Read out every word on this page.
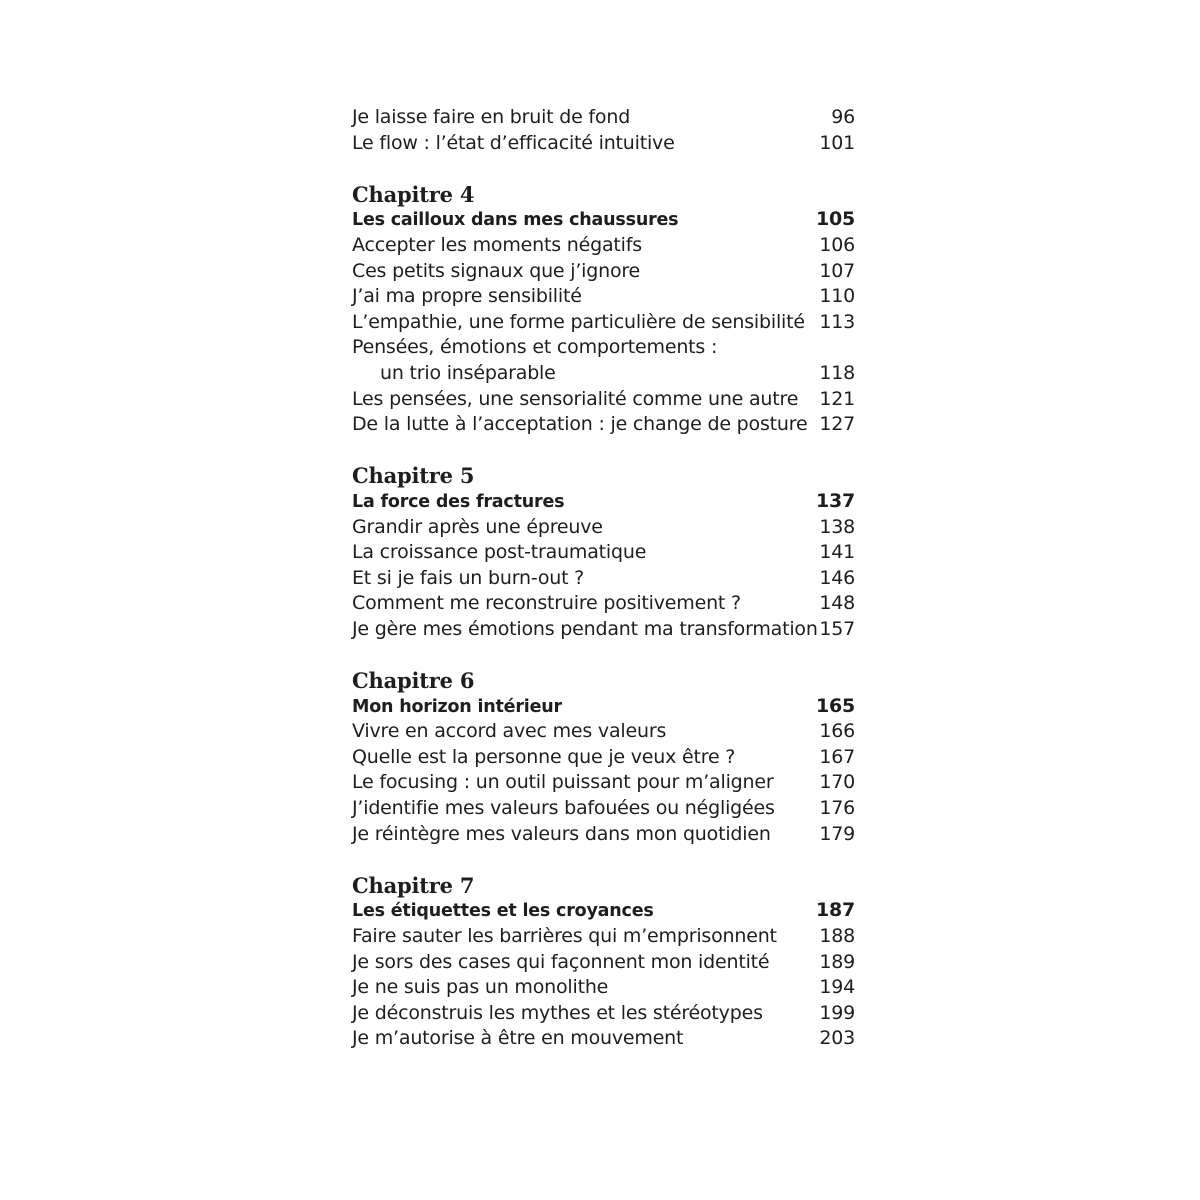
Je laisse faire en bruit de fond	96
Le flow : l’état d’efficacité intuitive	101
Chapitre 4
Les cailloux dans mes chaussures	105
Accepter les moments négatifs	106
Ces petits signaux que j’ignore	107
J’ai ma propre sensibilité	110
L’empathie, une forme particulière de sensibilité 113
Pensées, émotions et comportements :
un trio inséparable	118
Les pensées, une sensorialité comme une autre 121
De la lutte à l’acceptation : je change de posture 127
Chapitre 5
La force des fractures	137
Grandir après une épreuve	138
La croissance post-traumatique	141
Et si je fais un burn-out ?	146
Comment me reconstruire positivement ?	148
Je gère mes émotions pendant ma transformation 157
Chapitre 6
Mon horizon intérieur	165
Vivre en accord avec mes valeurs	166
Quelle est la personne que je veux être ?	167
Le focusing : un outil puissant pour m’aligner 170
J’identifie mes valeurs bafouées ou négligées 176
Je réintègre mes valeurs dans mon quotidien	179
Chapitre 7
Les étiquettes et les croyances	187
Faire sauter les barrières qui m’emprisonnent 188
Je sors des cases qui façonnent mon identité	189
Je ne suis pas un monolithe	194
Je déconstruis les mythes et les stéréotypes	199
Je m’autorise à être en mouvement	203
